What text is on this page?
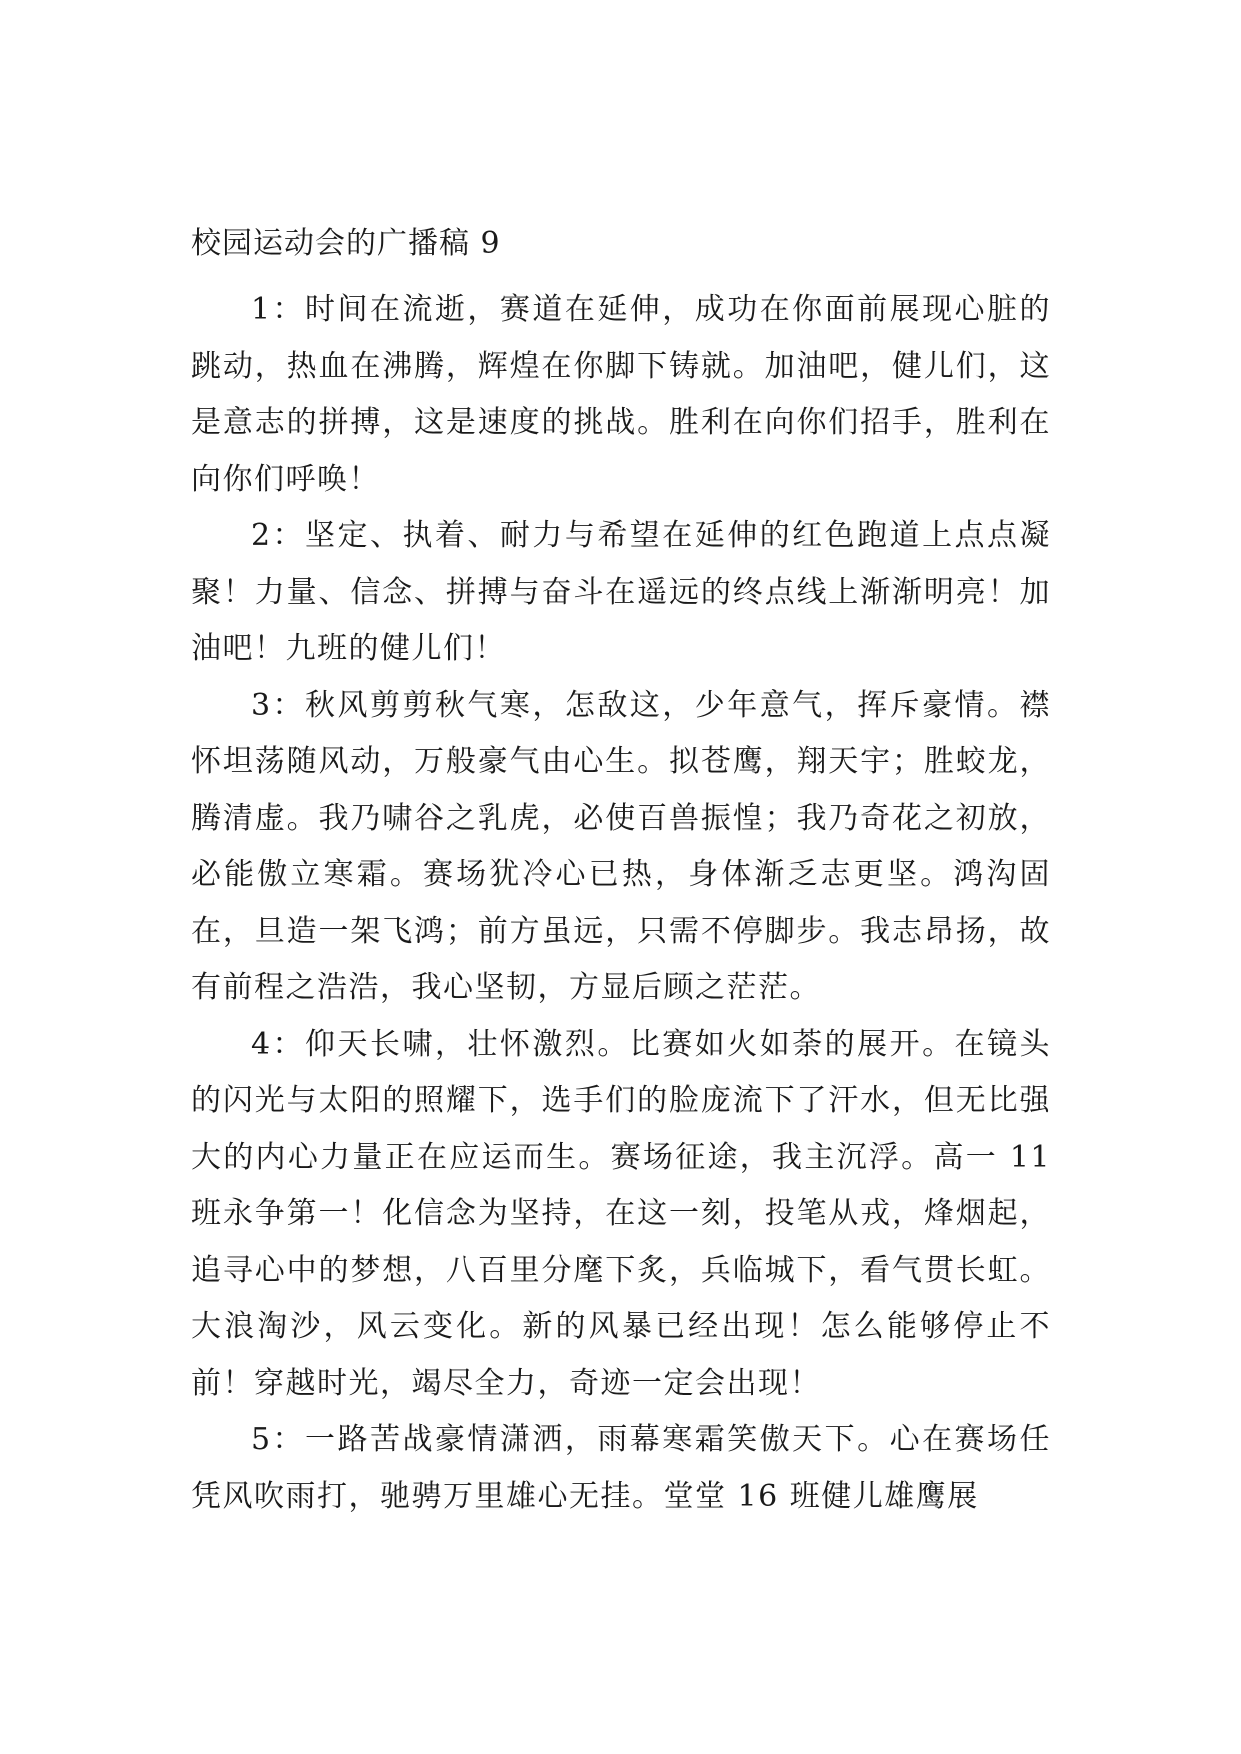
校园运动会的广播稿 9

1：时间在流逝，赛道在延伸，成功在你面前展现心脏的跳动，热血在沸腾，辉煌在你脚下铸就。加油吧，健儿们，这是意志的拼搏，这是速度的挑战。胜利在向你们招手，胜利在向你们呼唤！

2：坚定、执着、耐力与希望在延伸的红色跑道上点点凝聚！力量、信念、拼搏与奋斗在遥远的终点线上渐渐明亮！加油吧！九班的健儿们！

3：秋风剪剪秋气寒，怎敌这，少年意气，挥斥豪情。襟怀坦荡随风动，万般豪气由心生。拟苍鹰，翔天宇；胜蛟龙，腾清虚。我乃啸谷之乳虎，必使百兽振惶；我乃奇花之初放，必能傲立寒霜。赛场犹冷心已热，身体渐乏志更坚。鸿沟固在，旦造一架飞鸿；前方虽远，只需不停脚步。我志昂扬，故有前程之浩浩，我心坚韧，方显后顾之茫茫。

4：仰天长啸，壮怀激烈。比赛如火如荼的展开。在镜头的闪光与太阳的照耀下，选手们的脸庞流下了汗水，但无比强大的内心力量正在应运而生。赛场征途，我主沉浮。高一 11 班永争第一！化信念为坚持，在这一刻，投笔从戎，烽烟起，追寻心中的梦想，八百里分麾下炙，兵临城下，看气贯长虹。大浪淘沙，风云变化。新的风暴已经出现！怎么能够停止不前！穿越时光，竭尽全力，奇迹一定会出现！

5：一路苦战豪情潇洒，雨幕寒霜笑傲天下。心在赛场任凭风吹雨打，驰骋万里雄心无挂。堂堂 16 班健儿雄鹰展
